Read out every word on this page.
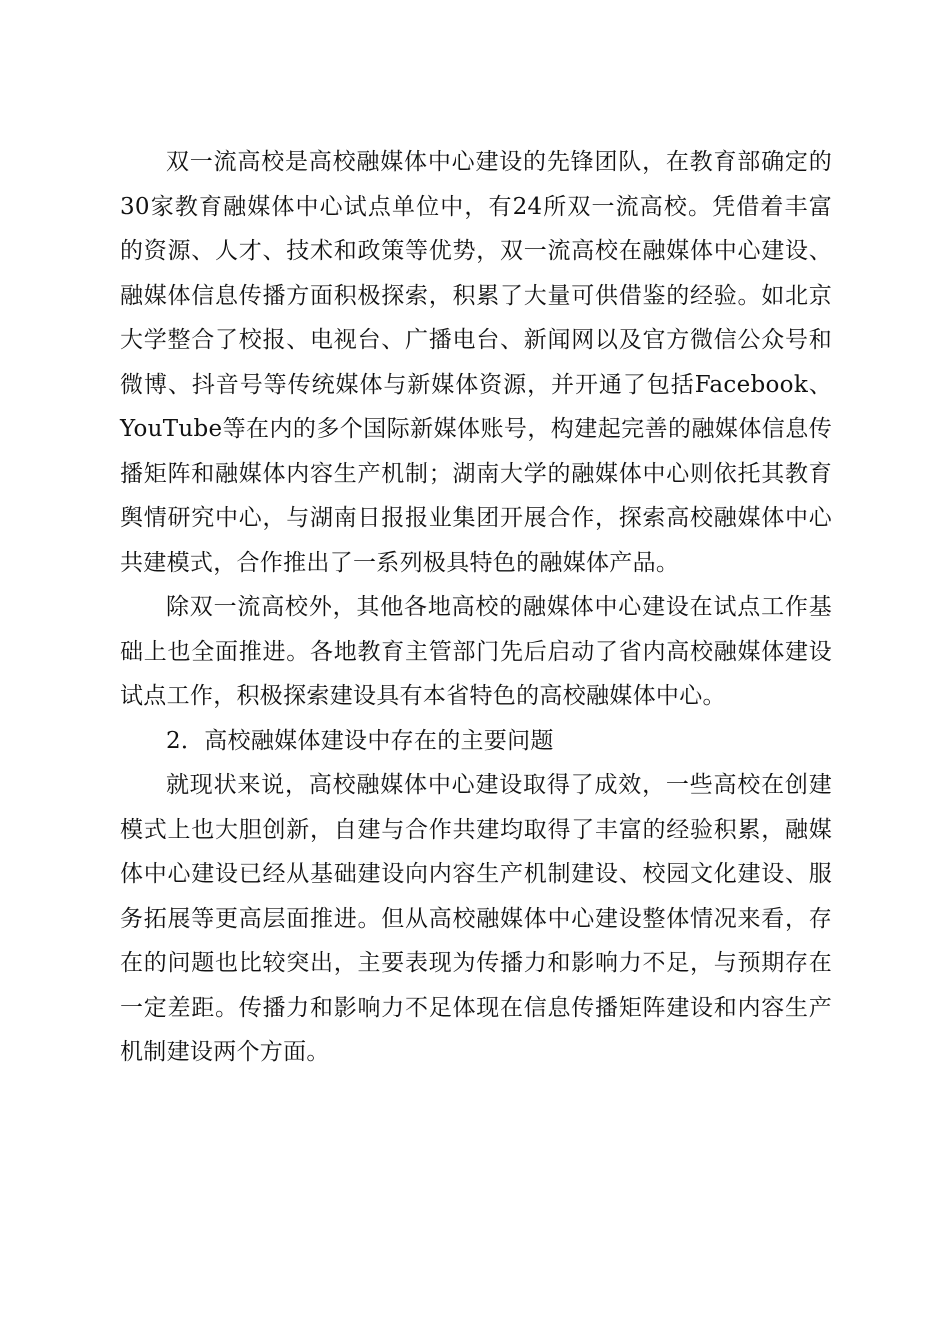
双一流高校是高校融媒体中心建设的先锋团队，在教育部确定的30家教育融媒体中心试点单位中，有24所双一流高校。凭借着丰富的资源、人才、技术和政策等优势，双一流高校在融媒体中心建设、融媒体信息传播方面积极探索，积累了大量可供借鉴的经验。如北京大学整合了校报、电视台、广播电台、新闻网以及官方微信公众号和微博、抖音号等传统媒体与新媒体资源，并开通了包括Facebook、YouTube等在内的多个国际新媒体账号，构建起完善的融媒体信息传播矩阵和融媒体内容生产机制；湖南大学的融媒体中心则依托其教育舆情研究中心，与湖南日报报业集团开展合作，探索高校融媒体中心共建模式，合作推出了一系列极具特色的融媒体产品。

除双一流高校外，其他各地高校的融媒体中心建设在试点工作基础上也全面推进。各地教育主管部门先后启动了省内高校融媒体建设试点工作，积极探索建设具有本省特色的高校融媒体中心。

2．高校融媒体建设中存在的主要问题

就现状来说，高校融媒体中心建设取得了成效，一些高校在创建模式上也大胆创新，自建与合作共建均取得了丰富的经验积累，融媒体中心建设已经从基础建设向内容生产机制建设、校园文化建设、服务拓展等更高层面推进。但从高校融媒体中心建设整体情况来看，存在的问题也比较突出，主要表现为传播力和影响力不足，与预期存在一定差距。传播力和影响力不足体现在信息传播矩阵建设和内容生产机制建设两个方面。
